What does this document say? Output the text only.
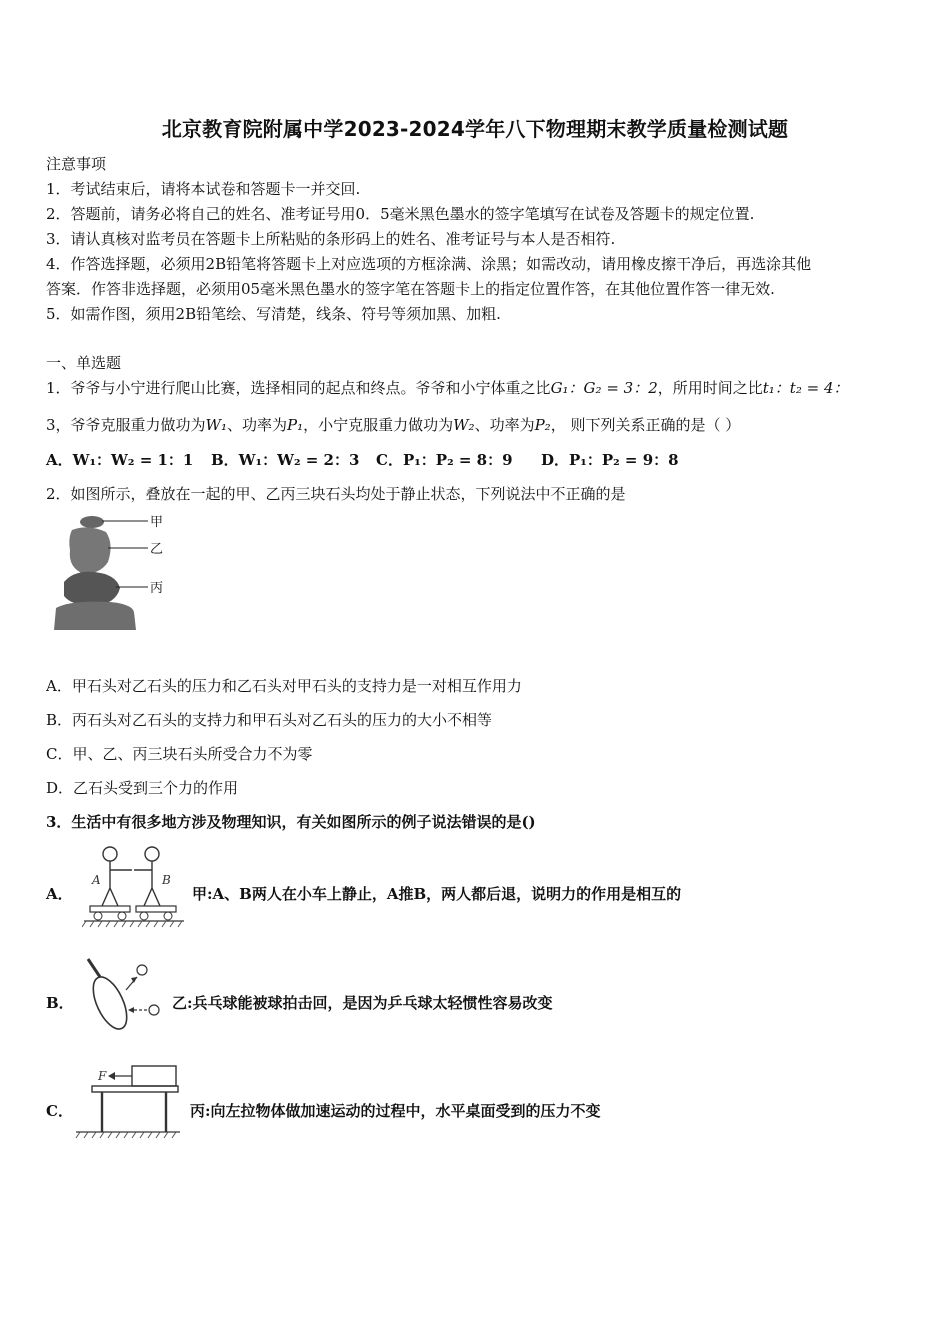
北京教育院附属中学2023-2024学年八下物理期末教学质量检测试题
注意事项
1．考试结束后，请将本试卷和答题卡一并交回.
2．答题前，请务必将自己的姓名、准考证号用0．5毫米黑色墨水的签字笔填写在试卷及答题卡的规定位置.
3．请认真核对监考员在答题卡上所粘贴的条形码上的姓名、准考证号与本人是否相符.
4．作答选择题，必须用2B铅笔将答题卡上对应选项的方框涂满、涂黑；如需改动，请用橡皮擦干净后，再选涂其他
答案．作答非选择题，必须用05毫米黑色墨水的签字笔在答题卡上的指定位置作答，在其他位置作答一律无效.
5．如需作图，须用2B铅笔绘、写清楚，线条、符号等须加黑、加粗.
一、单选题
1．爷爷与小宁进行爬山比赛，选择相同的起点和终点。爷爷和小宁体重之比G₁：G₂ = 3：2，所用时间之比t₁：t₂ = 4：
3，爷爷克服重力做功为W₁、功率为P₁，小宁克服重力做功为W₂、功率为P₂， 则下列关系正确的是（ ）
A．W₁：W₂ = 1：1 B．W₁：W₂ = 2：3 C．P₁：P₂ = 8：9 D．P₁：P₂ = 9：8
2．如图所示，叠放在一起的甲、乙丙三块石头均处于静止状态，下列说法中不正确的是
甲
乙
丙
A．甲石头对乙石头的压力和乙石头对甲石头的支持力是一对相互作用力
B．丙石头对乙石头的支持力和甲石头对乙石头的压力的大小不相等
C．甲、乙、丙三块石头所受合力不为零
D．乙石头受到三个力的作用
3．生活中有很多地方涉及物理知识，有关如图所示的例子说法错误的是()
A．
A	B
甲:A、B两人在小车上静止，A推B，两人都后退，说明力的作用是相互的
B．	乙:兵乓球能被球拍击回，是因为乒乓球太轻惯性容易改变
C．
F
丙:向左拉物体做加速运动的过程中，水平桌面受到的压力不变
